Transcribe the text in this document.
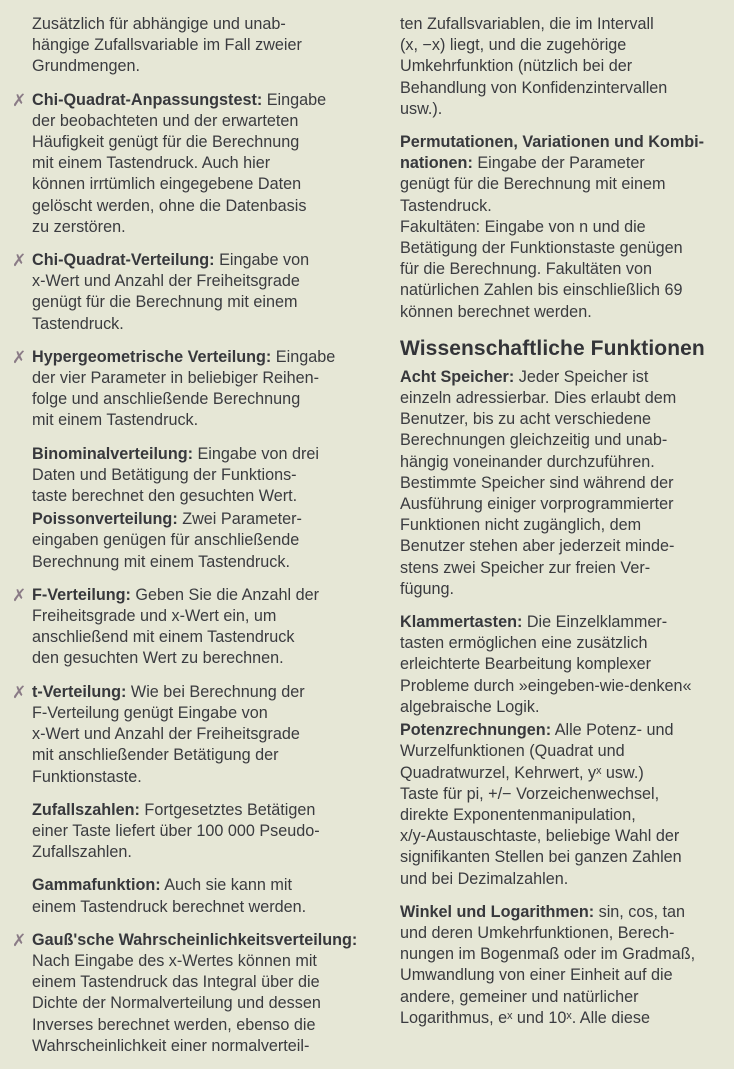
Zusätzlich für abhängige und unab-
hängige Zufallsvariable im Fall zweier
Grundmengen.
✗ Chi-Quadrat-Anpassungstest: Eingabe
der beobachteten und der erwarteten
Häufigkeit genügt für die Berechnung
mit einem Tastendruck. Auch hier
können irrtümlich eingegebene Daten
gelöscht werden, ohne die Datenbasis
zu zerstören.
✗ Chi-Quadrat-Verteilung: Eingabe von
x-Wert und Anzahl der Freiheitsgrade
genügt für die Berechnung mit einem
Tastendruck.
✗ Hypergeometrische Verteilung: Eingabe
der vier Parameter in beliebiger Reihen-
folge und anschließende Berechnung
mit einem Tastendruck.
Binominalverteilung: Eingabe von drei
Daten und Betätigung der Funktions-
taste berechnet den gesuchten Wert.
Poissonverteilung: Zwei Parameter-
eingaben genügen für anschließende
Berechnung mit einem Tastendruck.
✗ F-Verteilung: Geben Sie die Anzahl der
Freiheitsgrade und x-Wert ein, um
anschließend mit einem Tastendruck
den gesuchten Wert zu berechnen.
✗ t-Verteilung: Wie bei Berechnung der
F-Verteilung genügt Eingabe von
x-Wert und Anzahl der Freiheitsgrade
mit anschließender Betätigung der
Funktionstaste.
Zufallszahlen: Fortgesetztes Betätigen
einer Taste liefert über 100 000 Pseudo-
Zufallszahlen.
Gammafunktion: Auch sie kann mit
einem Tastendruck berechnet werden.
✗ Gauß'sche Wahrscheinlichkeitsverteilung:
Nach Eingabe des x-Wertes können mit
einem Tastendruck das Integral über die
Dichte der Normalverteilung und dessen
Inverses berechnet werden, ebenso die
Wahrscheinlichkeit einer normalverteil-
ten Zufallsvariablen, die im Intervall
(x, −x) liegt, und die zugehörige
Umkehrfunktion (nützlich bei der
Behandlung von Konfidenzintervallen
usw.).
Permutationen, Variationen und Kombi-
nationen: Eingabe der Parameter
genügt für die Berechnung mit einem
Tastendruck.
Fakultäten: Eingabe von n und die
Betätigung der Funktionstaste genügen
für die Berechnung. Fakultäten von
natürlichen Zahlen bis einschließlich 69
können berechnet werden.
Wissenschaftliche Funktionen
Acht Speicher: Jeder Speicher ist
einzeln adressierbar. Dies erlaubt dem
Benutzer, bis zu acht verschiedene
Berechnungen gleichzeitig und unab-
hängig voneinander durchzuführen.
Bestimmte Speicher sind während der
Ausführung einiger vorprogrammierter
Funktionen nicht zugänglich, dem
Benutzer stehen aber jederzeit minde-
stens zwei Speicher zur freien Ver-
fügung.
Klammertasten: Die Einzelklammer-
tasten ermöglichen eine zusätzlich
erleichterte Bearbeitung komplexer
Probleme durch »eingeben-wie-denken«
algebraische Logik.
Potenzrechnungen: Alle Potenz- und
Wurzelfunktionen (Quadrat und
Quadratwurzel, Kehrwert, yˣ usw.)
Taste für pi, +/− Vorzeichenwechsel,
direkte Exponentenmanipulation,
x/y-Austauschtaste, beliebige Wahl der
signifikanten Stellen bei ganzen Zahlen
und bei Dezimalzahlen.
Winkel und Logarithmen: sin, cos, tan
und deren Umkehrfunktionen, Berech-
nungen im Bogenmaß oder im Gradmaß,
Umwandlung von einer Einheit auf die
andere, gemeiner und natürlicher
Logarithmus, eˣ und 10ˣ. Alle diese
